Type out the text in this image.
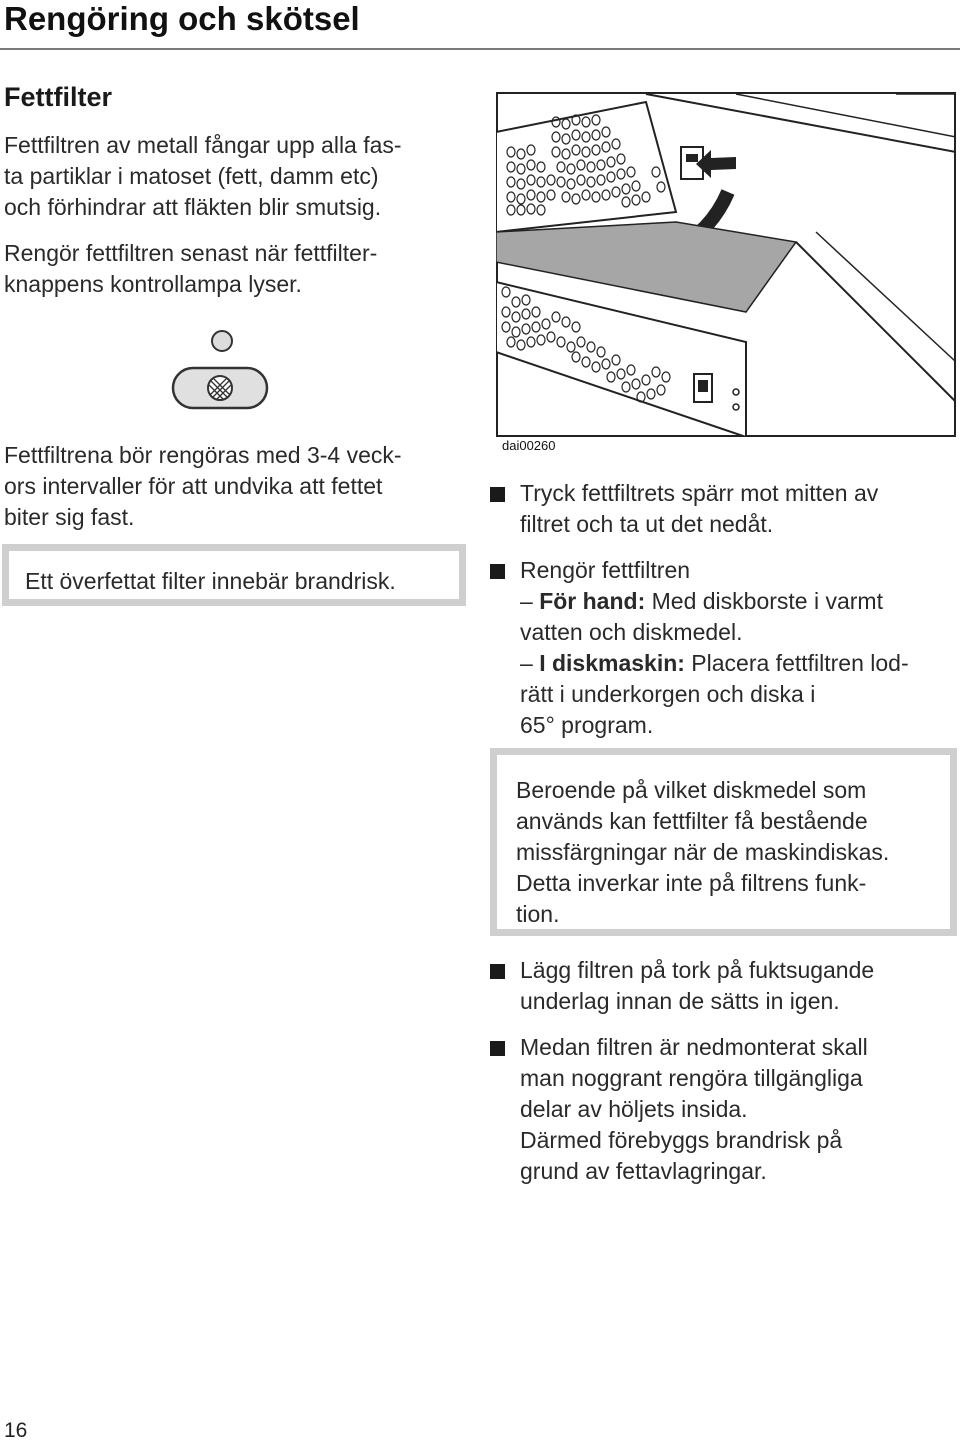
Rengöring och skötsel
Fettfilter
Fettfiltren av metall fångar upp alla fas-
ta partiklar i matoset (fett, damm etc)
och förhindrar att fläkten blir smutsig.
Rengör fettfiltren senast när fettfilter-
knappens kontrollampa lyser.
Fettfiltrena bör rengöras med 3-4 veck-
ors intervaller för att undvika att fettet
biter sig fast.
Ett överfettat filter innebär brandrisk.
dai00260
Tryck fettfiltrets spärr mot mitten av
filtret och ta ut det nedåt.
Rengör fettfiltren
– För hand: Med diskborste i varmt
vatten och diskmedel.
– I diskmaskin: Placera fettfiltren lod-
rätt i underkorgen och diska i
65° program.
Beroende på vilket diskmedel som
används kan fettfilter få bestående
missfärgningar när de maskindiskas.
Detta inverkar inte på filtrens funk-
tion.
Lägg filtren på tork på fuktsugande
underlag innan de sätts in igen.
Medan filtren är nedmonterat skall
man noggrant rengöra tillgängliga
delar av höljets insida.
Därmed förebyggs brandrisk på
grund av fettavlagringar.
16
